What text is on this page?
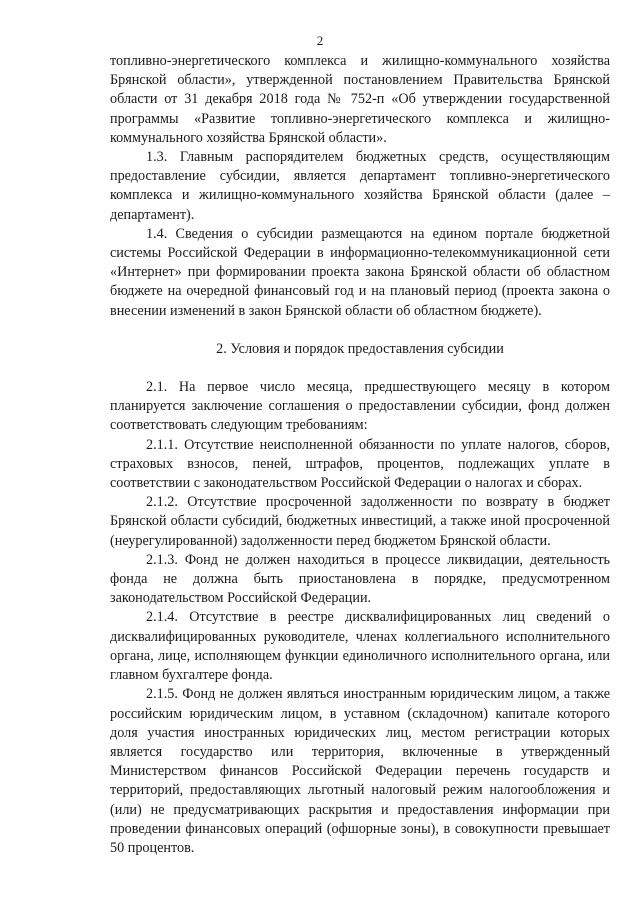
2

топливно-энергетического комплекса и жилищно-коммунального хозяйства Брянской области», утвержденной постановлением Правительства Брянской области от 31 декабря 2018 года № 752-п «Об утверждении государственной программы «Развитие топливно-энергетического комплекса и жилищно-коммунального хозяйства Брянской области».

1.3. Главным распорядителем бюджетных средств, осуществляющим предоставление субсидии, является департамент топливно-энергетического комплекса и жилищно-коммунального хозяйства Брянской области (далее – департамент).

1.4. Сведения о субсидии размещаются на едином портале бюджетной системы Российской Федерации в информационно-телекоммуникационной сети «Интернет» при формировании проекта закона Брянской области об областном бюджете на очередной финансовый год и на плановый период (проекта закона о внесении изменений в закон Брянской области об областном бюджете).

2. Условия и порядок предоставления субсидии

2.1. На первое число месяца, предшествующего месяцу в котором планируется заключение соглашения о предоставлении субсидии, фонд должен соответствовать следующим требованиям:

2.1.1. Отсутствие неисполненной обязанности по уплате налогов, сборов, страховых взносов, пеней, штрафов, процентов, подлежащих уплате в соответствии с законодательством Российской Федерации о налогах и сборах.

2.1.2. Отсутствие просроченной задолженности по возврату в бюджет Брянской области субсидий, бюджетных инвестиций, а также иной просроченной (неурегулированной) задолженности перед бюджетом Брянской области.

2.1.3. Фонд не должен находиться в процессе ликвидации, деятельность фонда не должна быть приостановлена в порядке, предусмотренном законодательством Российской Федерации.

2.1.4. Отсутствие в реестре дисквалифицированных лиц сведений о дисквалифицированных руководителе, членах коллегиального исполнительного органа, лице, исполняющем функции единоличного исполнительного органа, или главном бухгалтере фонда.

2.1.5. Фонд не должен являться иностранным юридическим лицом, а также российским юридическим лицом, в уставном (складочном) капитале которого доля участия иностранных юридических лиц, местом регистрации которых является государство или территория, включенные в утвержденный Министерством финансов Российской Федерации перечень государств и территорий, предоставляющих льготный налоговый режим налогообложения и (или) не предусматривающих раскрытия и предоставления информации при проведении финансовых операций (офшорные зоны), в совокупности превышает 50 процентов.
